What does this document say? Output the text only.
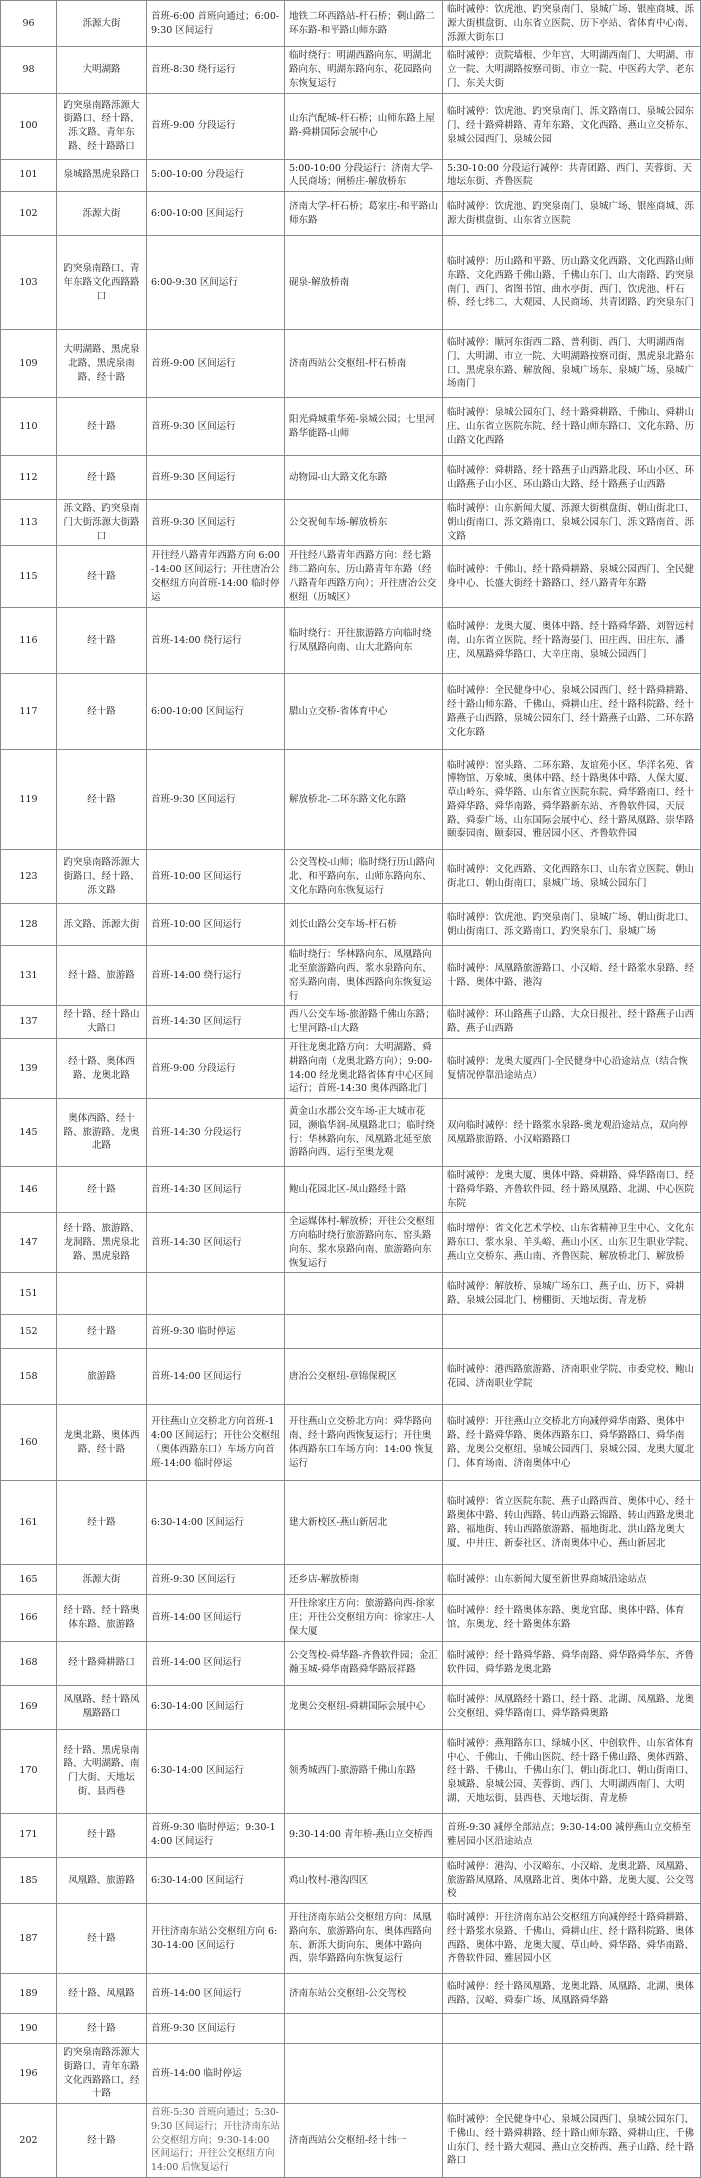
96	泺源大街	首班-6:00 首班向通过；6:00-9:30 区间运行	地铁二环西路站-杆石桥；剩山路二环东路-和平路山师东路	临时减停：饮虎池、趵突泉南门、泉城广场、银座商城、泺源大街棋盘街、山东省立医院、历下亭站、省体育中心南、泺源大街东口
98	大明湖路	首班-8:30 绕行运行	临时绕行：明湖西路向东、明湖北路向东、明湖东路向东、花园路向东恢复运行	临时减停：贡院墙根、少年宫、大明湖西南门、大明湖、市立一院、大明湖路按察司街、市立一院、中医药大学、老东门、东关大街
100	趵突泉南路泺源大街路口、经十路、泺文路、青年东路、经十路路口	首班-9:00 分段运行	山东汽配城-杆石桥；山师东路上屋路-舜耕国际会展中心	临时减停：饮虎池、趵突泉南门、泺文路南口、泉城公园东门、经十路舜耕路、青年东路、文化西路、燕山立交桥东、泉城公园西门、泉城公园
101	泉城路黑虎泉路口	5:00-10:00 分段运行	5:00-10:00 分段运行：济南大学-人民商场；闸桥庄-解放桥东	5:30-10:00 分段运行减停：共青团路、西门、芙蓉街、天地坛东街、齐鲁医院
102	泺源大街	6:00-10:00 区间运行	济南大学-杆石桥；葛家庄-和平路山师东路	临时减停：饮虎池、趵突泉南门、泉城广场、银座商城、泺源大街棋盘街、山东省立医院
103	趵突泉南路口、青年东路文化西路路口	6:00-9:30 区间运行	砚泉-解放桥南	临时减停：历山路和平路、历山路文化西路、文化西路山师东路、文化西路千佛山路、千佛山东门、山大南路、趵突泉南门、西门、省图书馆、曲水亭街、西门、饮虎池、杆石桥、经七纬二、大观园、人民商场、共青团路、趵突泉东门
109	大明湖路、黑虎泉北路、黑虎泉南路、经十路	首班-9:00 区间运行	济南西站公交枢纽-杆石桥南	临时减停：顺河东街西二路、普利街、西门、大明湖西南门、大明湖、市立一院、大明湖路按察司街、黑虎泉北路东口、黑虎泉东路、解放阁、泉城广场东、泉城广场、泉城广场南门
110	经十路	首班-9:30 区间运行	阳光舜城重华苑-泉城公园；七里河路华能路-山师	临时减停：泉城公园东门、经十路舜耕路、千佛山、舜耕山庄、山东省立医院东院、经十路山师东路口、文化东路、历山路文化西路
112	经十路	首班-9:30 区间运行	动物园-山大路文化东路	临时减停：舜耕路、经十路燕子山西路北段、环山小区、环山路燕子山小区、环山路山大路、经十路燕子山西路
113	泺文路、趵突泉南门大街泺源大街路口	首班-9:30 区间运行	公交祝甸车场-解放桥东	临时减停：山东新闻大厦、泺源大街棋盘街、朝山街北口、朝山街南口、泺文路南口、泉城公园东门、泺文路南首、泺文路
115	经十路	开往经八路青年西路方向 6:00-14:00 区间运行；开往唐冶公交枢纽方向首班-14:00 临时停运	开往经八路青年西路方向：经七路纬二路向东、历山路青年东路（经八路青年西路方向）；开往唐冶公交枢纽（历城区）	临时减停：千佛山、经十路舜耕路、泉城公园西门、全民健身中心、长盛大街经十路路口、经八路青年东路
116	经十路	首班-14:00 绕行运行	临时绕行：开往旅游路方向临时绕行凤凰路向南、山大北路向东	临时减停：龙奥大厦、奥体中路、经十路舜华路、刘智远村南、山东省立医院、经十路海晏门、田庄西、田庄东、潘庄、凤凰路舜华路口、大辛庄南、泉城公园西门
117	经十路	6:00-10:00 区间运行	腊山立交桥-省体育中心	临时减停：全民健身中心、泉城公园西门、经十路舜耕路、经十路山师东路、千佛山、舜耕山庄、经十路科院路、经十路燕子山西路、泉城公园东门、经十路燕子山路、二环东路文化东路
119	经十路	首班-9:30 区间运行	解放桥北-二环东路文化东路	临时减停：窑头路、二环东路、友谊苑小区、华洋名苑、省博物馆、万象城、奥体中路、经十路奥体中路、人保大厦、草山岭东、舜华路、山东省立医院东院、舜华路南口、经十路舜华路、舜华南路、舜华路新东站、齐鲁软件园、天辰路、舜泰广场、山东国际会展中心、经十路凤凰路、崇华路颐泰园南、颐泰园、雅居园小区、齐鲁软件园
123	趵突泉南路泺源大街路口、经十路、泺文路	首班-10:00 区间运行	公交驾校-山师；临时绕行历山路向北、和平路向东、山师东路向东、文化东路向东恢复运行	临时减停：文化西路、文化西路东口、山东省立医院、朝山街北口、朝山街南口、泉城广场、泉城公园东门
128	泺文路、泺源大街	首班-10:00 区间运行	刘长山路公交车场-杆石桥	临时减停：饮虎池、趵突泉南门、泉城广场、朝山街北口、朝山街南口、泺文路南口、趵突泉东门、泉城广场
131	经十路、旅游路	首班-14:00 绕行运行	临时绕行：华林路向东、凤凰路向北至旅游路向西、浆水泉路向东、窑头路向南、奥体西路向东恢复运行	临时减停：凤凰路旅游路口、小汉峪、经十路浆水泉路、经十路、奥体中路、港沟
137	经十路、经十路山大路口	首班-14:30 区间运行	西八公交车场-旅游路千佛山东路；七里河路-山大路	临时减停：环山路燕子山路、大众日报社、经十路燕子山西路、燕子山西路
139	经十路、奥体西路、龙奥北路	首班-9:00 分段运行	开往龙奥北路方向：大明湖路、舜耕路向南（龙奥北路方向）；9:00-14:00 经龙奥北路省体育中心区间运行；首班-14:30 奥体西路北门	临时减停：龙奥大厦西门-全民健身中心沿途站点（结合恢复情况停靠沿途站点）
145	奥体西路、经十路、旅游路、龙奥北路	首班-14:30 分段运行	黄金山水郡公交车场-正大城市花园，濒临华润-凤凰路北口；临时绕行：华林路向东、凤凰路北延至旅游路向西、运行至奥龙观	双向临时减停：经十路浆水泉路-奥龙观沿途站点，双向停凤凰路旅游路、小汉峪路路口
146	经十路	首班-14:30 区间运行	鲍山花园北区-凤山路经十路	临时减停：龙奥大厦、奥体中路、舜耕路、舜华路南口、经十路舜华路、齐鲁软件园、经十路凤凰路、北湖、中心医院东院
147	经十路、旅游路、龙洞路、黑虎泉北路、黑虎泉路	首班-14:30 区间运行	全运媒体村-解放桥；开往公交枢纽方向临时绕行旅游路向东、窑头路向东、浆水泉路向南、旅游路向东恢复运行	临时增停：省文化艺术学校、山东省精神卫生中心、文化东路东口、浆水泉、羊头峪、燕山小区、山东卫生职业学院、燕山立交桥东、燕山南、齐鲁医院、解放桥北门、解放桥
151				临时减停：解放桥、泉城广场东口、燕子山、历下、舜耕路、泉城公园北门、榜棚街、天地坛街、青龙桥
152	经十路	首班-9:30 临时停运		
158	旅游路	首班-14:00 区间运行	唐冶公交枢纽-章锦保税区	临时减停：港西路旅游路、济南职业学院、市委党校、鲍山花园、济南职业学院
160	龙奥北路、奥体西路、经十路	开往燕山立交桥北方向首班-14:00 区间运行；开往公交枢纽（奥体西路东口）车场方向首班-14:00 临时停运	开往燕山立交桥北方向：舜华路向南、经十路向西恢复运行；开往奥体西路东口车场方向：14:00 恢复运行	临时减停：开往燕山立交桥北方向减停舜华南路、奥体中路、经十路舜华路、奥体西路东口、舜华路路口、舜华南路、龙奥公交枢纽、泉城公园西门、泉城公园、龙奥大厦北门、体育场南、济南奥体中心
161	经十路	6:30-14:00 区间运行	建大新校区-燕山新居北	临时减停：省立医院东院、燕子山路西首、奥体中心、经十路奥体中路、转山西路、转山西路云锦路、转山西路龙奥北路、福地街、转山西路旅游路、福地街北、洪山路龙奥大厦、中井庄、新泰社区、济南奥体中心、燕山新居北
165	泺源大街	首班-9:30 区间运行	还乡店-解放桥南	临时减停：山东新闻大厦至新世界商城沿途站点
166	经十路、经十路奥体东路、旅游路	首班-14:00 区间运行	开往徐家庄方向：旅游路向西-徐家庄；开往公交枢纽方向：徐家庄-人保大厦	临时减停：经十路奥体东路、奥龙官邸、奥体中路、体育馆、东奥龙、经十路奥体东路
168	经十路舜耕路口	首班-14:00 区间运行	公交驾校-舜华路-齐鲁软件园；金汇瀚玉城-舜华南路舜华路辰祥路	临时减停：经十路舜华路、舜华南路、舜华路舜华东、齐鲁软件园、舜华路龙奥北路
169	凤凰路、经十路凤凰路路口	6:30-14:00 区间运行	龙奥公交枢纽-舜耕国际会展中心	临时减停：凤凰路经十路口、经十路、北湖、凤凰路、龙奥公交枢纽、舜华路南口、舜华路舜奥路
170	经十路、黑虎泉南路、大明湖路、南门大街、天地坛街、县西巷	6:30-14:00 区间运行	领秀城西门-旅游路千佛山东路	临时减停：燕翔路东口、绿城小区、中创软件、山东省体育中心、千佛山、千佛山医院、经十路千佛山路、奥体西路、经十路、千佛山、千佛山东门、朝山街北口、朝山街南口、泉城路、泉城公园、芙蓉街、西门、大明湖西南门、大明湖、天地坛街、县西巷、天地坛街、青龙桥
171	经十路	首班-9:30 临时停运；9:30-14:00 区间运行	9:30-14:00 青年桥-燕山立交桥西	首班-9:30 减停全部站点；9:30-14:00 减停燕山立交桥至雅居园小区沿途站点
185	凤凰路、旅游路	6:30-14:00 区间运行	鸡山牧村-港沟四区	临时减停：港沟、小汉峪东、小汉峪、龙奥北路、凤凰路、旅游路凤凰路、凤凰路北首、奥体中路、龙奥大厦、公交驾校
187	经十路	开往济南东站公交枢纽方向 6:30-14:00 区间运行	开往济南东站公交枢纽方向：凤凰路向东、旅游路向东、奥体西路向东、新泺大街向东、奥体中路向西、崇华路路向东恢复运行	临时减停：开往济南东站公交枢纽方向减停经十路舜耕路、经十路浆水泉路、千佛山、舜耕山庄、经十路科院路、奥体西路、奥体中路、龙奥大厦、草山岭、舜华路、舜华南路、齐鲁软件园、雅居园小区
189	经十路、凤凰路	首班-14:00 区间运行	济南东站公交枢纽-公交驾校	临时减停：经十路凤凰路、龙奥北路、凤凰路、北湖、奥体西路、汉峪、舜泰广场、凤凰路舜华路
190	经十路	首班-9:30 区间运行		
196	趵突泉南路泺源大街路口、青年东路文化西路路口、经十路	首班-14:00 临时停运		
202	经十路	首班-5:30 首班向通过；5:30-9:30 区间运行；开往济南东站公交枢纽方向；9:30-14:00 区间运行；开往公交枢纽方向 14:00 后恢复运行	济南西站公交枢纽-经十纬一	临时减停：全民健身中心、泉城公园西门、泉城公园东门、千佛山、经十路舜耕路、经十路山师东路、舜耕山庄、千佛山东门、经十路大观园、燕山立交桥西、燕子山路、经十路路口
